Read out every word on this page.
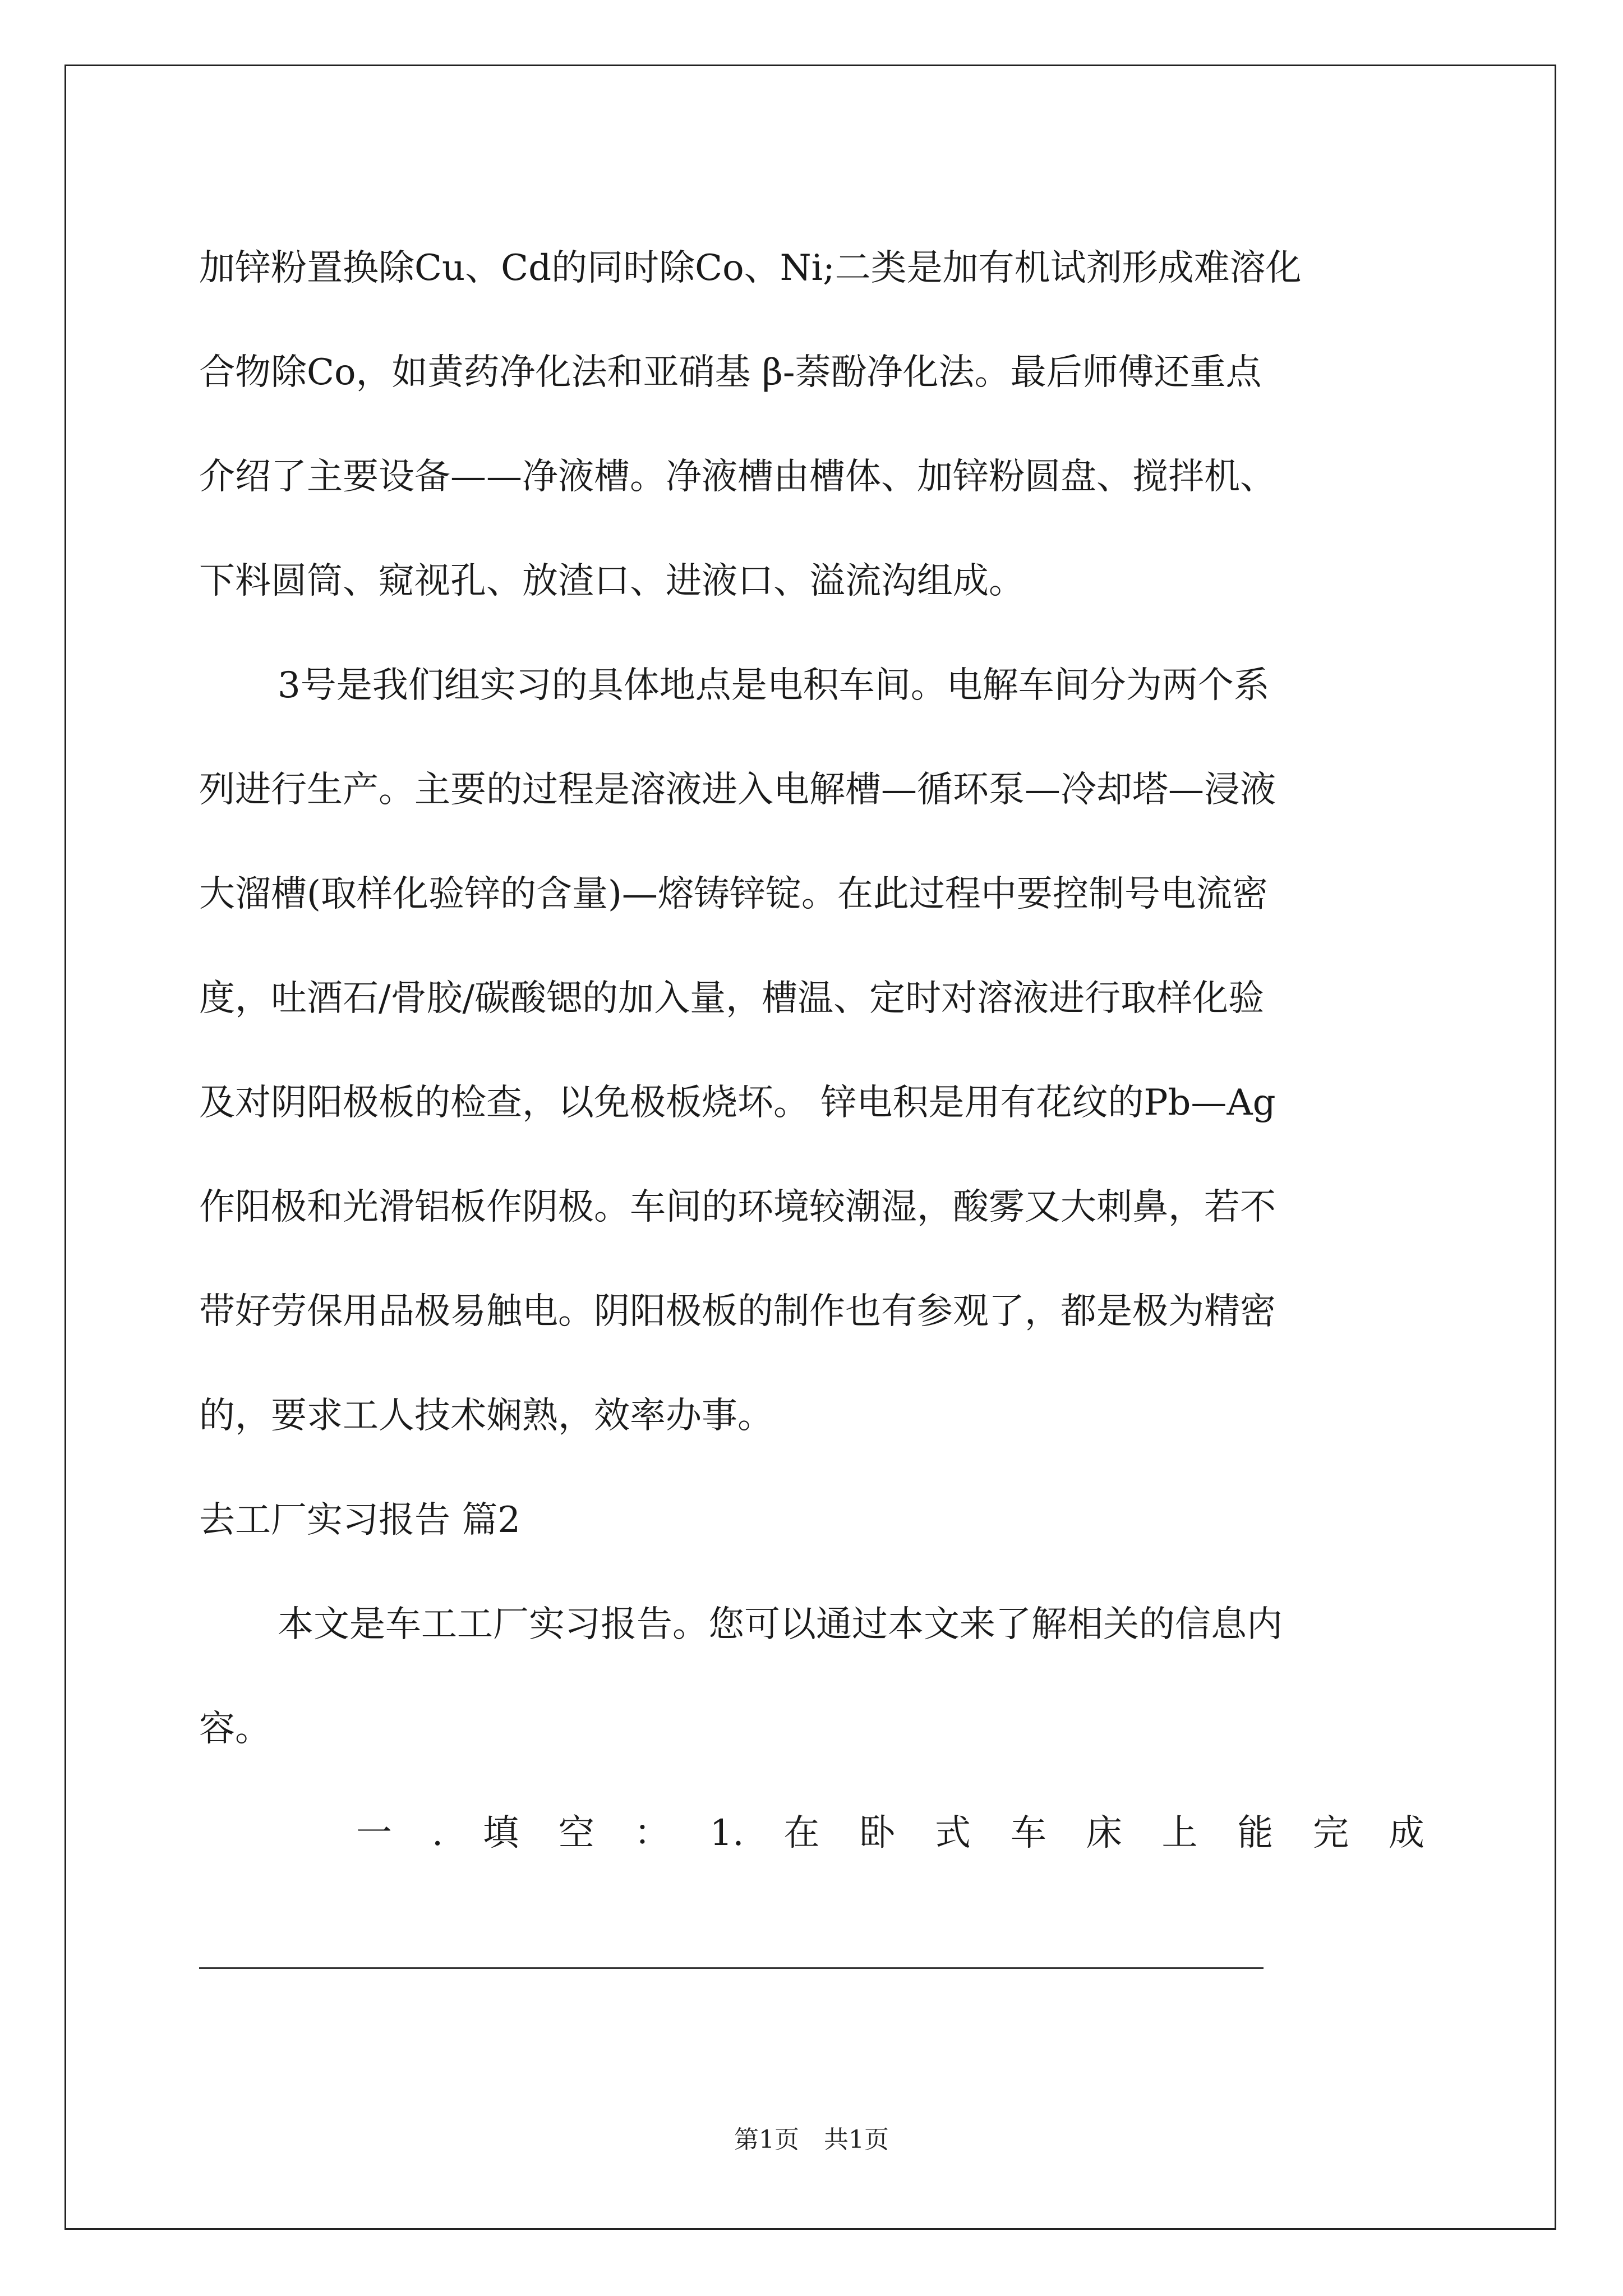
加锌粉置换除Cu、Cd的同时除Co、Ni;二类是加有机试剂形成难溶化
合物除Co，如黄药净化法和亚硝基 β-萘酚净化法。最后师傅还重点
介绍了主要设备——净液槽。净液槽由槽体、加锌粉圆盘、搅拌机、
下料圆筒、窥视孔、放渣口、进液口、溢流沟组成。
3号是我们组实习的具体地点是电积车间。电解车间分为两个系
列进行生产。主要的过程是溶液进入电解槽—循环泵—冷却塔—浸液
大溜槽(取样化验锌的含量)—熔铸锌锭。在此过程中要控制号电流密
度，吐酒石/骨胶/碳酸锶的加入量，槽温、定时对溶液进行取样化验
及对阴阳极板的检查，以免极板烧坏。 锌电积是用有花纹的Pb—Ag
作阳极和光滑铝板作阴极。车间的环境较潮湿，酸雾又大刺鼻，若不
带好劳保用品极易触电。阴阳极板的制作也有参观了，都是极为精密
的，要求工人技术娴熟，效率办事。
去工厂实习报告 篇2
本文是车工工厂实习报告。您可以通过本文来了解相关的信息内
容。
一 . 填 空 ： 1. 在 卧 式 车 床 上 能 完 成
第1页　共1页
